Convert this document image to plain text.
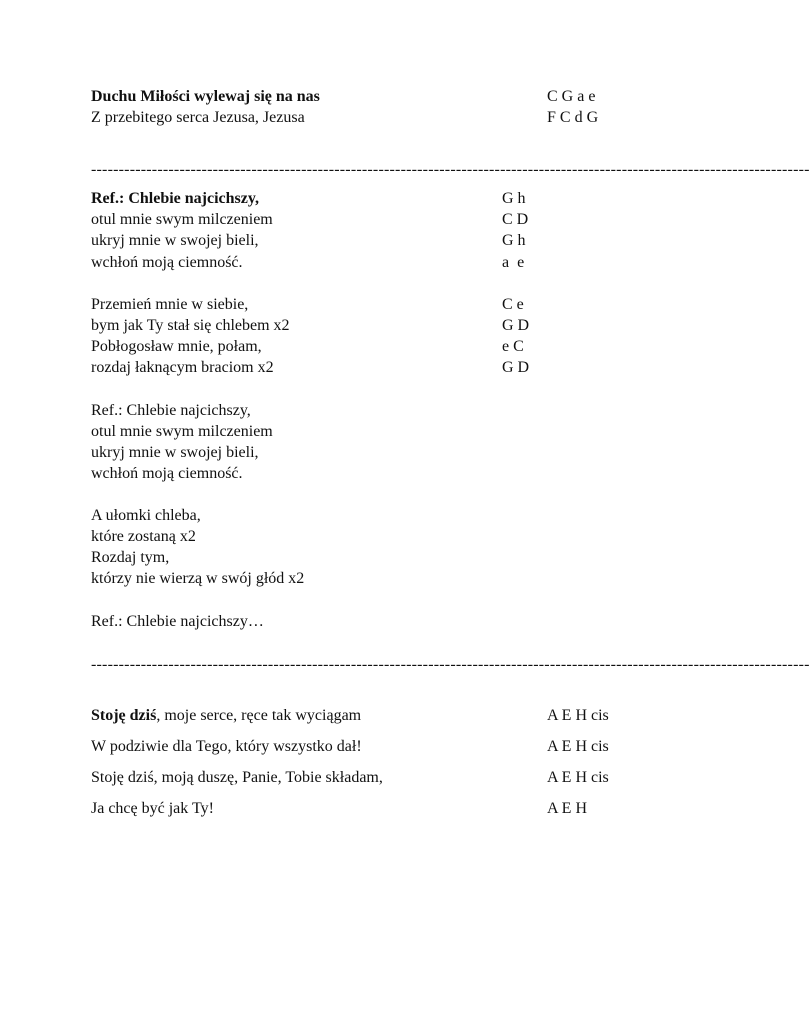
Duchu Miłości wylewaj się na nas	C G a e
Z przebitego serca Jezusa, Jezusa	F C d G
----------------------------------------------------------------------------------------------------------------------------------
Ref.: Chlebie najcichszy,	G h
otul mnie swym milczeniem	C D
ukryj mnie w swojej bieli,	G h
wchłoń moją ciemność.	a  e
Przemień mnie w siebie,	C e
bym jak Ty stał się chlebem x2	G D
Pobłogosław mnie, połam,	e C
rozdaj łaknącym braciom x2	G D
Ref.: Chlebie najcichszy,
otul mnie swym milczeniem
ukryj mnie w swojej bieli,
wchłoń moją ciemność.
A ułomki chleba,
które zostaną x2
Rozdaj tym,
którzy nie wierzą w swój głód x2
Ref.: Chlebie najcichszy…
----------------------------------------------------------------------------------------------------------------------------------
Stoję dziś, moje serce, ręce tak wyciągam	A E H cis
W podziwie dla Tego, który wszystko dał!	A E H cis
Stoję dziś, moją duszę, Panie, Tobie składam,	A E H cis
Ja chcę być jak Ty!	A E H
